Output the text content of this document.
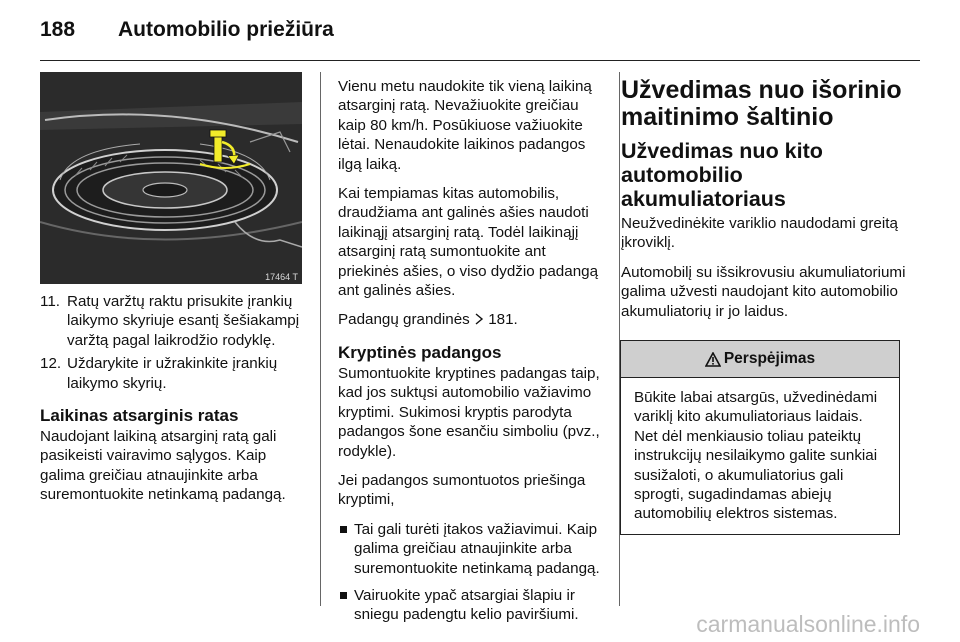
188 Automobilio priežiūra
17464 T
11. Ratų varžtų raktu prisukite įrankių laikymo skyriuje esantį šešiakampį varžtą pagal laikrodžio rodyklę.
12. Uždarykite ir užrakinkite įrankių laikymo skyrių.
Laikinas atsarginis ratas

Naudojant laikiną atsarginį ratą gali pasikeisti vairavimo sąlygos. Kaip galima greičiau atnaujinkite arba suremontuokite netinkamą padangą.

Vienu metu naudokite tik vieną laikiną atsarginį ratą. Nevažiuokite greičiau kaip 80 km/h. Posūkiuose važiuokite lėtai. Nenaudokite laikinos padangos ilgą laiką.

Kai tempiamas kitas automobilis, draudžiama ant galinės ašies naudoti laikinąjį atsarginį ratą. Todėl laikinąjį atsarginį ratą sumontuokite ant priekinės ašies, o viso dydžio padangą ant galinės ašies.

Padangų grandinės  181.

Kryptinės padangos

Sumontuokite kryptines padangas taip, kad jos suktųsi automobilio važiavimo kryptimi. Sukimosi kryptis parodyta padangos šone esančiu simboliu (pvz., rodykle).

Jei padangos sumontuotos priešinga kryptimi,

Tai gali turėti įtakos važiavimui. Kaip galima greičiau atnaujinkite arba suremontuokite netinkamą padangą.
Vairuokite ypač atsargiai šlapiu ir sniegu padengtu kelio paviršiumi.
Užvedimas nuo išorinio maitinimo šaltinio
Užvedimas nuo kito automobilio akumuliatoriaus

Neužvedinėkite variklio naudodami greitą įkroviklį.

Automobilį su išsikrovusiu akumuliatoriumi galima užvesti naudojant kito automobilio akumuliatorių ir jo laidus.

Perspėjimas
Būkite labai atsargūs, užvedinėdami variklį kito akumuliatoriaus laidais. Net dėl menkiausio toliau pateiktų instrukcijų nesilaikymo galite sunkiai susižaloti, o akumuliatorius gali sprogti, sugadindamas abiejų automobilių elektros sistemas.
carmanualsonline.info
